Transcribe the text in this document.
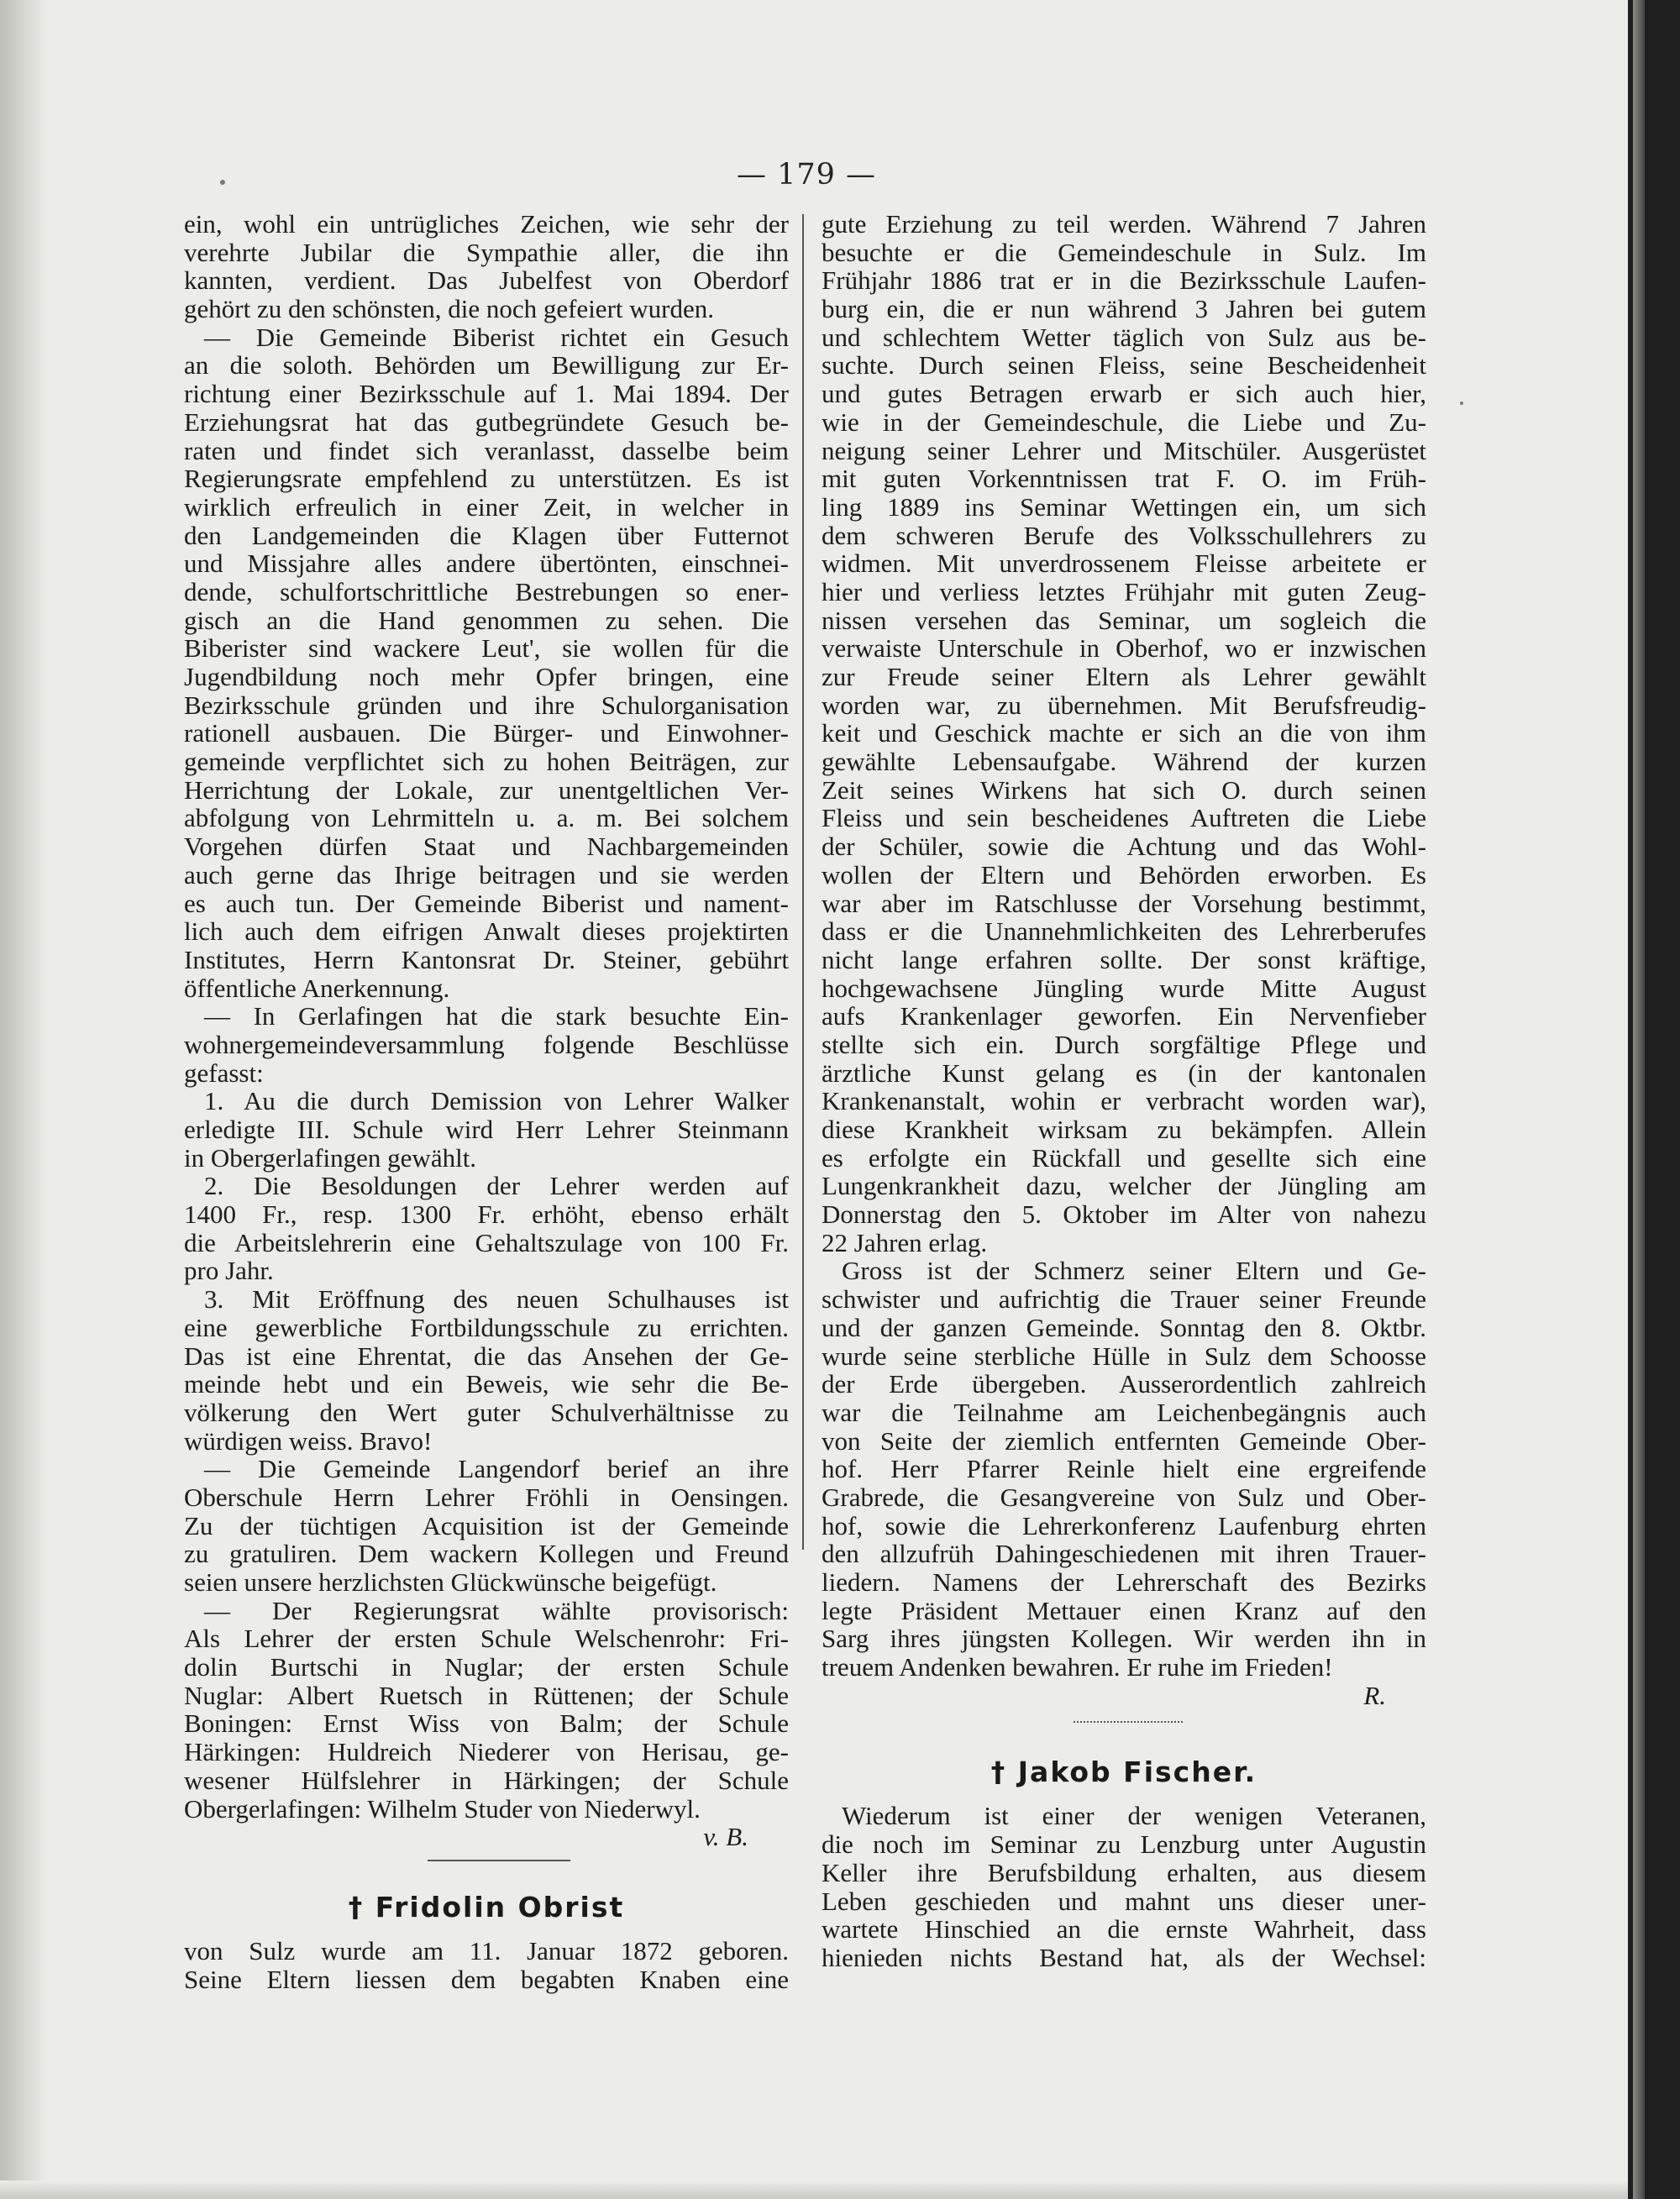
— 179 —
ein, wohl ein untrügliches Zeichen, wie sehr der
verehrte Jubilar die Sympathie aller, die ihn
kannten, verdient. Das Jubelfest von Oberdorf
gehört zu den schönsten, die noch gefeiert wurden.
— Die Gemeinde Biberist richtet ein Gesuch
an die soloth. Behörden um Bewilligung zur Er-
richtung einer Bezirksschule auf 1. Mai 1894. Der
Erziehungsrat hat das gutbegründete Gesuch be-
raten und findet sich veranlasst, dasselbe beim
Regierungsrate empfehlend zu unterstützen. Es ist
wirklich erfreulich in einer Zeit, in welcher in
den Landgemeinden die Klagen über Futternot
und Missjahre alles andere übertönten, einschnei-
dende, schulfortschrittliche Bestrebungen so ener-
gisch an die Hand genommen zu sehen. Die
Biberister sind wackere Leut', sie wollen für die
Jugendbildung noch mehr Opfer bringen, eine
Bezirksschule gründen und ihre Schulorganisation
rationell ausbauen. Die Bürger- und Einwohner-
gemeinde verpflichtet sich zu hohen Beiträgen, zur
Herrichtung der Lokale, zur unentgeltlichen Ver-
abfolgung von Lehrmitteln u. a. m. Bei solchem
Vorgehen dürfen Staat und Nachbargemeinden
auch gerne das Ihrige beitragen und sie werden
es auch tun. Der Gemeinde Biberist und nament-
lich auch dem eifrigen Anwalt dieses projektirten
Institutes, Herrn Kantonsrat Dr. Steiner, gebührt
öffentliche Anerkennung.
— In Gerlafingen hat die stark besuchte Ein-
wohnergemeindeversammlung folgende Beschlüsse
gefasst:
1. Au die durch Demission von Lehrer Walker
erledigte III. Schule wird Herr Lehrer Steinmann
in Obergerlafingen gewählt.
2. Die Besoldungen der Lehrer werden auf
1400 Fr., resp. 1300 Fr. erhöht, ebenso erhält
die Arbeitslehrerin eine Gehaltszulage von 100 Fr.
pro Jahr.
3. Mit Eröffnung des neuen Schulhauses ist
eine gewerbliche Fortbildungsschule zu errichten.
Das ist eine Ehrentat, die das Ansehen der Ge-
meinde hebt und ein Beweis, wie sehr die Be-
völkerung den Wert guter Schulverhältnisse zu
würdigen weiss. Bravo!
— Die Gemeinde Langendorf berief an ihre
Oberschule Herrn Lehrer Fröhli in Oensingen.
Zu der tüchtigen Acquisition ist der Gemeinde
zu gratuliren. Dem wackern Kollegen und Freund
seien unsere herzlichsten Glückwünsche beigefügt.
— Der Regierungsrat wählte provisorisch:
Als Lehrer der ersten Schule Welschenrohr: Fri-
dolin Burtschi in Nuglar; der ersten Schule
Nuglar: Albert Ruetsch in Rüttenen; der Schule
Boningen: Ernst Wiss von Balm; der Schule
Härkingen: Huldreich Niederer von Herisau, ge-
wesener Hülfslehrer in Härkingen; der Schule
Obergerlafingen: Wilhelm Studer von Niederwyl.
v. B.
† Fridolin Obrist
von Sulz wurde am 11. Januar 1872 geboren.
Seine Eltern liessen dem begabten Knaben eine
gute Erziehung zu teil werden. Während 7 Jahren
besuchte er die Gemeindeschule in Sulz. Im
Frühjahr 1886 trat er in die Bezirksschule Laufen-
burg ein, die er nun während 3 Jahren bei gutem
und schlechtem Wetter täglich von Sulz aus be-
suchte. Durch seinen Fleiss, seine Bescheidenheit
und gutes Betragen erwarb er sich auch hier,
wie in der Gemeindeschule, die Liebe und Zu-
neigung seiner Lehrer und Mitschüler. Ausgerüstet
mit guten Vorkenntnissen trat F. O. im Früh-
ling 1889 ins Seminar Wettingen ein, um sich
dem schweren Berufe des Volksschullehrers zu
widmen. Mit unverdrossenem Fleisse arbeitete er
hier und verliess letztes Frühjahr mit guten Zeug-
nissen versehen das Seminar, um sogleich die
verwaiste Unterschule in Oberhof, wo er inzwischen
zur Freude seiner Eltern als Lehrer gewählt
worden war, zu übernehmen. Mit Berufsfreudig-
keit und Geschick machte er sich an die von ihm
gewählte Lebensaufgabe. Während der kurzen
Zeit seines Wirkens hat sich O. durch seinen
Fleiss und sein bescheidenes Auftreten die Liebe
der Schüler, sowie die Achtung und das Wohl-
wollen der Eltern und Behörden erworben. Es
war aber im Ratschlusse der Vorsehung bestimmt,
dass er die Unannehmlichkeiten des Lehrerberufes
nicht lange erfahren sollte. Der sonst kräftige,
hochgewachsene Jüngling wurde Mitte August
aufs Krankenlager geworfen. Ein Nervenfieber
stellte sich ein. Durch sorgfältige Pflege und
ärztliche Kunst gelang es (in der kantonalen
Krankenanstalt, wohin er verbracht worden war),
diese Krankheit wirksam zu bekämpfen. Allein
es erfolgte ein Rückfall und gesellte sich eine
Lungenkrankheit dazu, welcher der Jüngling am
Donnerstag den 5. Oktober im Alter von nahezu
22 Jahren erlag.
Gross ist der Schmerz seiner Eltern und Ge-
schwister und aufrichtig die Trauer seiner Freunde
und der ganzen Gemeinde. Sonntag den 8. Oktbr.
wurde seine sterbliche Hülle in Sulz dem Schoosse
der Erde übergeben. Ausserordentlich zahlreich
war die Teilnahme am Leichenbegängnis auch
von Seite der ziemlich entfernten Gemeinde Ober-
hof. Herr Pfarrer Reinle hielt eine ergreifende
Grabrede, die Gesangvereine von Sulz und Ober-
hof, sowie die Lehrerkonferenz Laufenburg ehrten
den allzufrüh Dahingeschiedenen mit ihren Trauer-
liedern. Namens der Lehrerschaft des Bezirks
legte Präsident Mettauer einen Kranz auf den
Sarg ihres jüngsten Kollegen. Wir werden ihn in
treuem Andenken bewahren. Er ruhe im Frieden!
R.
† Jakob Fischer.
Wiederum ist einer der wenigen Veteranen,
die noch im Seminar zu Lenzburg unter Augustin
Keller ihre Berufsbildung erhalten, aus diesem
Leben geschieden und mahnt uns dieser uner-
wartete Hinschied an die ernste Wahrheit, dass
hienieden nichts Bestand hat, als der Wechsel:
